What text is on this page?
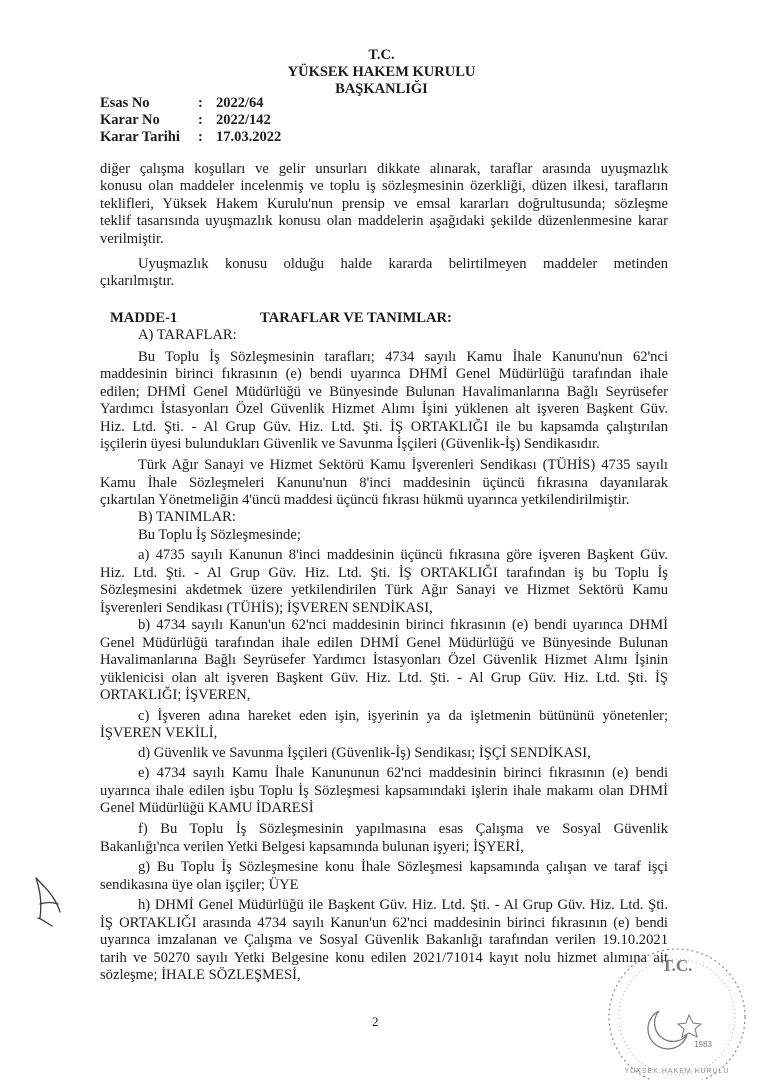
T.C.
YÜKSEK HAKEM KURULU
BAŞKANLIĞI
Esas No	: 2022/64
Karar No	: 2022/142
Karar Tarihi	: 17.03.2022
diğer çalışma koşulları ve gelir unsurları dikkate alınarak, taraflar arasında uyuşmazlık
konusu olan maddeler incelenmiş ve toplu iş sözleşmesinin özerkliği, düzen ilkesi, tarafların
teklifleri, Yüksek Hakem Kurulu'nun prensip ve emsal kararları doğrultusunda; sözleşme
teklif tasarısında uyuşmazlık konusu olan maddelerin aşağıdaki şekilde düzenlenmesine karar
verilmiştir.
Uyuşmazlık konusu olduğu halde kararda belirtilmeyen maddeler metinden
çıkarılmıştır.
MADDE-1	TARAFLAR VE TANIMLAR:
A) TARAFLAR:
Bu Toplu İş Sözleşmesinin tarafları; 4734 sayılı Kamu İhale Kanunu'nun 62'nci
maddesinin birinci fıkrasının (e) bendi uyarınca DHMİ Genel Müdürlüğü tarafından ihale
edilen; DHMİ Genel Müdürlüğü ve Bünyesinde Bulunan Havalimanlarına Bağlı Seyrüsefer
Yardımcı İstasyonları Özel Güvenlik Hizmet Alımı İşini yüklenen alt işveren Başkent Güv.
Hiz. Ltd. Şti. - Al Grup Güv. Hiz. Ltd. Şti. İŞ ORTAKLIĞI ile bu kapsamda çalıştırılan
işçilerin üyesi bulundukları Güvenlik ve Savunma İşçileri (Güvenlik-İş) Sendikasıdır.
Türk Ağır Sanayi ve Hizmet Sektörü Kamu İşverenleri Sendikası (TÜHİS) 4735 sayılı
Kamu İhale Sözleşmeleri Kanunu'nun 8'inci maddesinin üçüncü fıkrasına dayanılarak
çıkartılan Yönetmeliğin 4'üncü maddesi üçüncü fıkrası hükmü uyarınca yetkilendirilmiştir.
B) TANIMLAR:
Bu Toplu İş Sözleşmesinde;
a) 4735 sayılı Kanunun 8'inci maddesinin üçüncü fıkrasına göre işveren Başkent Güv.
Hiz. Ltd. Şti. - Al Grup Güv. Hiz. Ltd. Şti. İŞ ORTAKLIĞI tarafından iş bu Toplu İş
Sözleşmesini akdetmek üzere yetkilendirilen Türk Ağır Sanayi ve Hizmet Sektörü Kamu
İşverenleri Sendikası (TÜHİS); İŞVEREN SENDİKASI,
b) 4734 sayılı Kanun'un 62'nci maddesinin birinci fıkrasının (e) bendi uyarınca DHMİ
Genel Müdürlüğü tarafından ihale edilen DHMİ Genel Müdürlüğü ve Bünyesinde Bulunan
Havalimanlarına Bağlı Seyrüsefer Yardımcı İstasyonları Özel Güvenlik Hizmet Alımı İşinin
yüklenicisi olan alt işveren Başkent Güv. Hiz. Ltd. Şti. - Al Grup Güv. Hiz. Ltd. Şti. İŞ
ORTAKLIĞI; İŞVEREN,
c) İşveren adına hareket eden işin, işyerinin ya da işletmenin bütününü yönetenler;
İŞVEREN VEKİLİ,
d) Güvenlik ve Savunma İşçileri (Güvenlik-İş) Sendikası; İŞÇİ SENDİKASI,
e) 4734 sayılı Kamu İhale Kanununun 62'nci maddesinin birinci fıkrasının (e) bendi
uyarınca ihale edilen işbu Toplu İş Sözleşmesi kapsamındaki işlerin ihale makamı olan DHMİ
Genel Müdürlüğü KAMU İDARESİ
f) Bu Toplu İş Sözleşmesinin yapılmasına esas Çalışma ve Sosyal Güvenlik
Bakanlığı'nca verilen Yetki Belgesi kapsamında bulunan işyeri; İŞYERİ,
g) Bu Toplu İş Sözleşmesine konu İhale Sözleşmesi kapsamında çalışan ve taraf işçi
sendikasına üye olan işçiler; ÜYE
h) DHMİ Genel Müdürlüğü ile Başkent Güv. Hiz. Ltd. Şti. - Al Grup Güv. Hiz. Ltd. Şti.
İŞ ORTAKLIĞI arasında 4734 sayılı Kanun'un 62'nci maddesinin birinci fıkrasının (e) bendi
uyarınca imzalanan ve Çalışma ve Sosyal Güvenlik Bakanlığı tarafından verilen 19.10.2021
tarih ve 50270 sayılı Yetki Belgesine konu edilen 2021/71014 kayıt nolu hizmet alımına ait
sözleşme; İHALE SÖZLEŞMESİ,	T.C.
1983
YÜKSEK HAKEM KURULU
2
